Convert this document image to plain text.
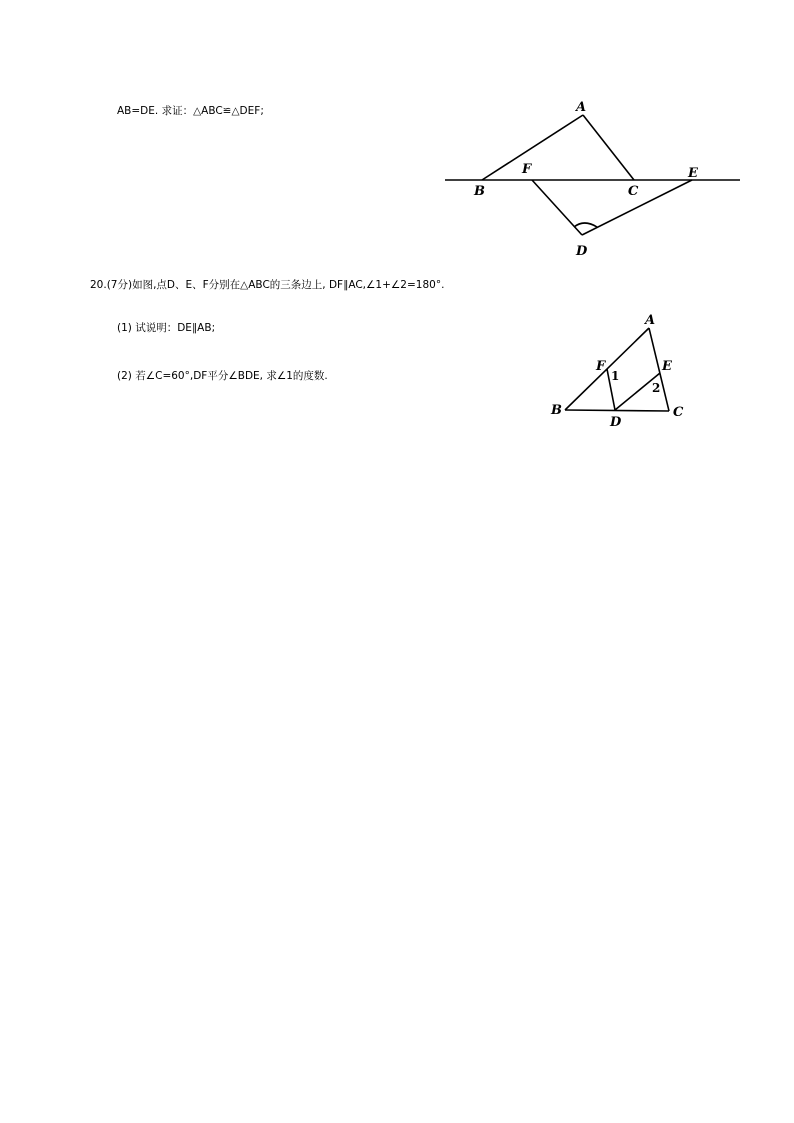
AB=DE. 求证：△ABC≌△DEF;	A
B
F
C
E
D
20.(7分)如图,点D、E、F分别在△ABC的三条边上, DF∥AC,∠1+∠2=180°.
(1) 试说明：DE∥AB;
(2) 若∠C=60°,DF平分∠BDE, 求∠1的度数.
A
B	C
D
E
F
1
2
